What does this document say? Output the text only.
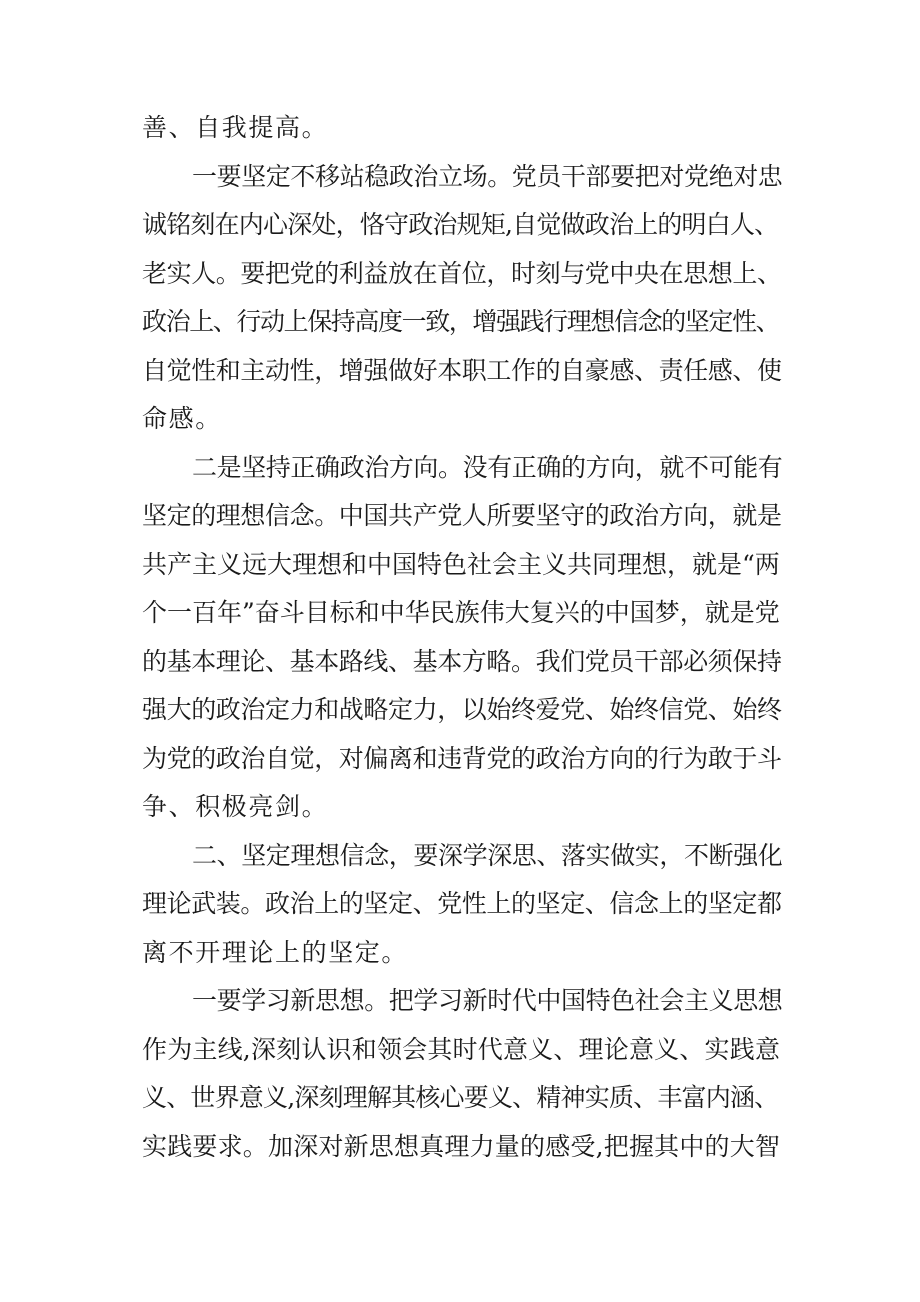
善、自我提高。
一要坚定不移站稳政治立场。党员干部要把对党绝对忠
诚铭刻在内心深处，恪守政治规矩,自觉做政治上的明白人、
老实人。要把党的利益放在首位，时刻与党中央在思想上、
政治上、行动上保持高度一致，增强践行理想信念的坚定性、
自觉性和主动性，增强做好本职工作的自豪感、责任感、使
命感。
二是坚持正确政治方向。没有正确的方向，就不可能有
坚定的理想信念。中国共产党人所要坚守的政治方向，就是
共产主义远大理想和中国特色社会主义共同理想，就是“两
个一百年”奋斗目标和中华民族伟大复兴的中国梦，就是党
的基本理论、基本路线、基本方略。我们党员干部必须保持
强大的政治定力和战略定力，以始终爱党、始终信党、始终
为党的政治自觉，对偏离和违背党的政治方向的行为敢于斗
争、积极亮剑。
二、坚定理想信念，要深学深思、落实做实，不断强化
理论武装。政治上的坚定、党性上的坚定、信念上的坚定都
离不开理论上的坚定。
一要学习新思想。把学习新时代中国特色社会主义思想
作为主线,深刻认识和领会其时代意义、理论意义、实践意
义、世界意义,深刻理解其核心要义、精神实质、丰富内涵、
实践要求。加深对新思想真理力量的感受,把握其中的大智
